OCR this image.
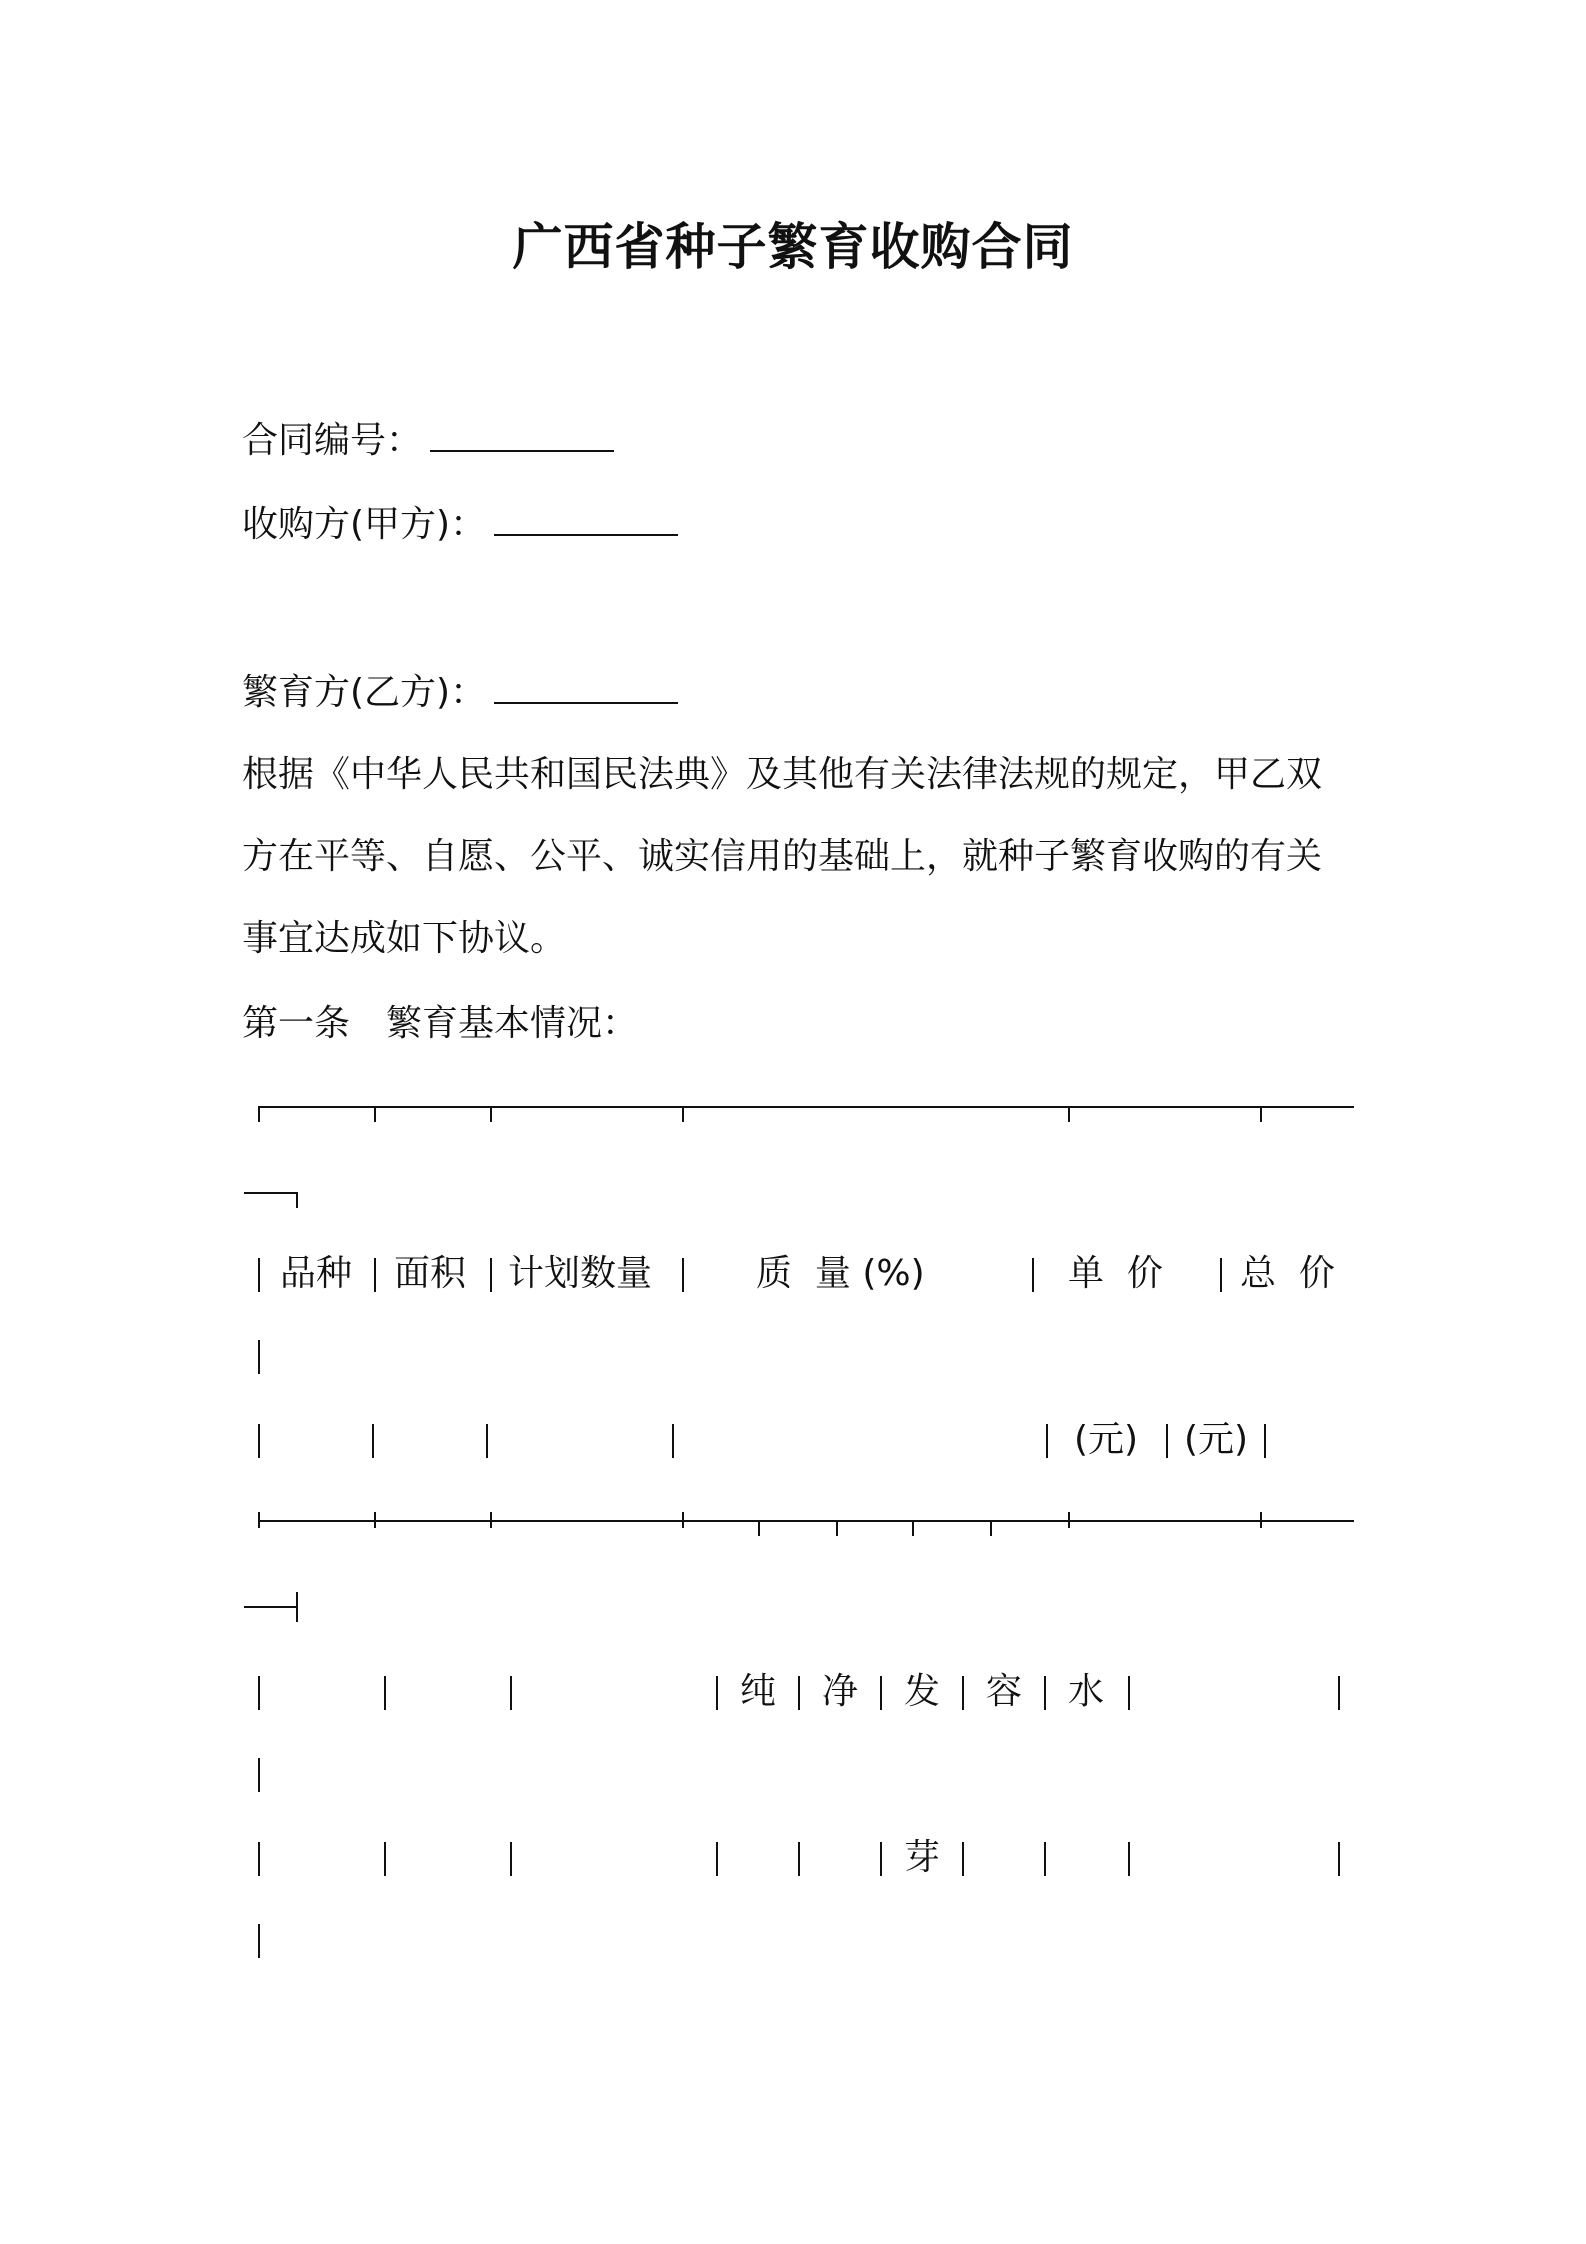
广西省种子繁育收购合同
合同编号：
收购方(甲方)：
繁育方(乙方)：
根据《中华人民共和国民法典》及其他有关法律法规的规定，甲乙双
方在平等、自愿、公平、诚实信用的基础上，就种子繁育收购的有关
事宜达成如下协议。
第一条　繁育基本情况：
品种 面积 计划数量	质  量 (%)	单  价 总  价
(元) (元)
纯 净 发 容 水
芽
